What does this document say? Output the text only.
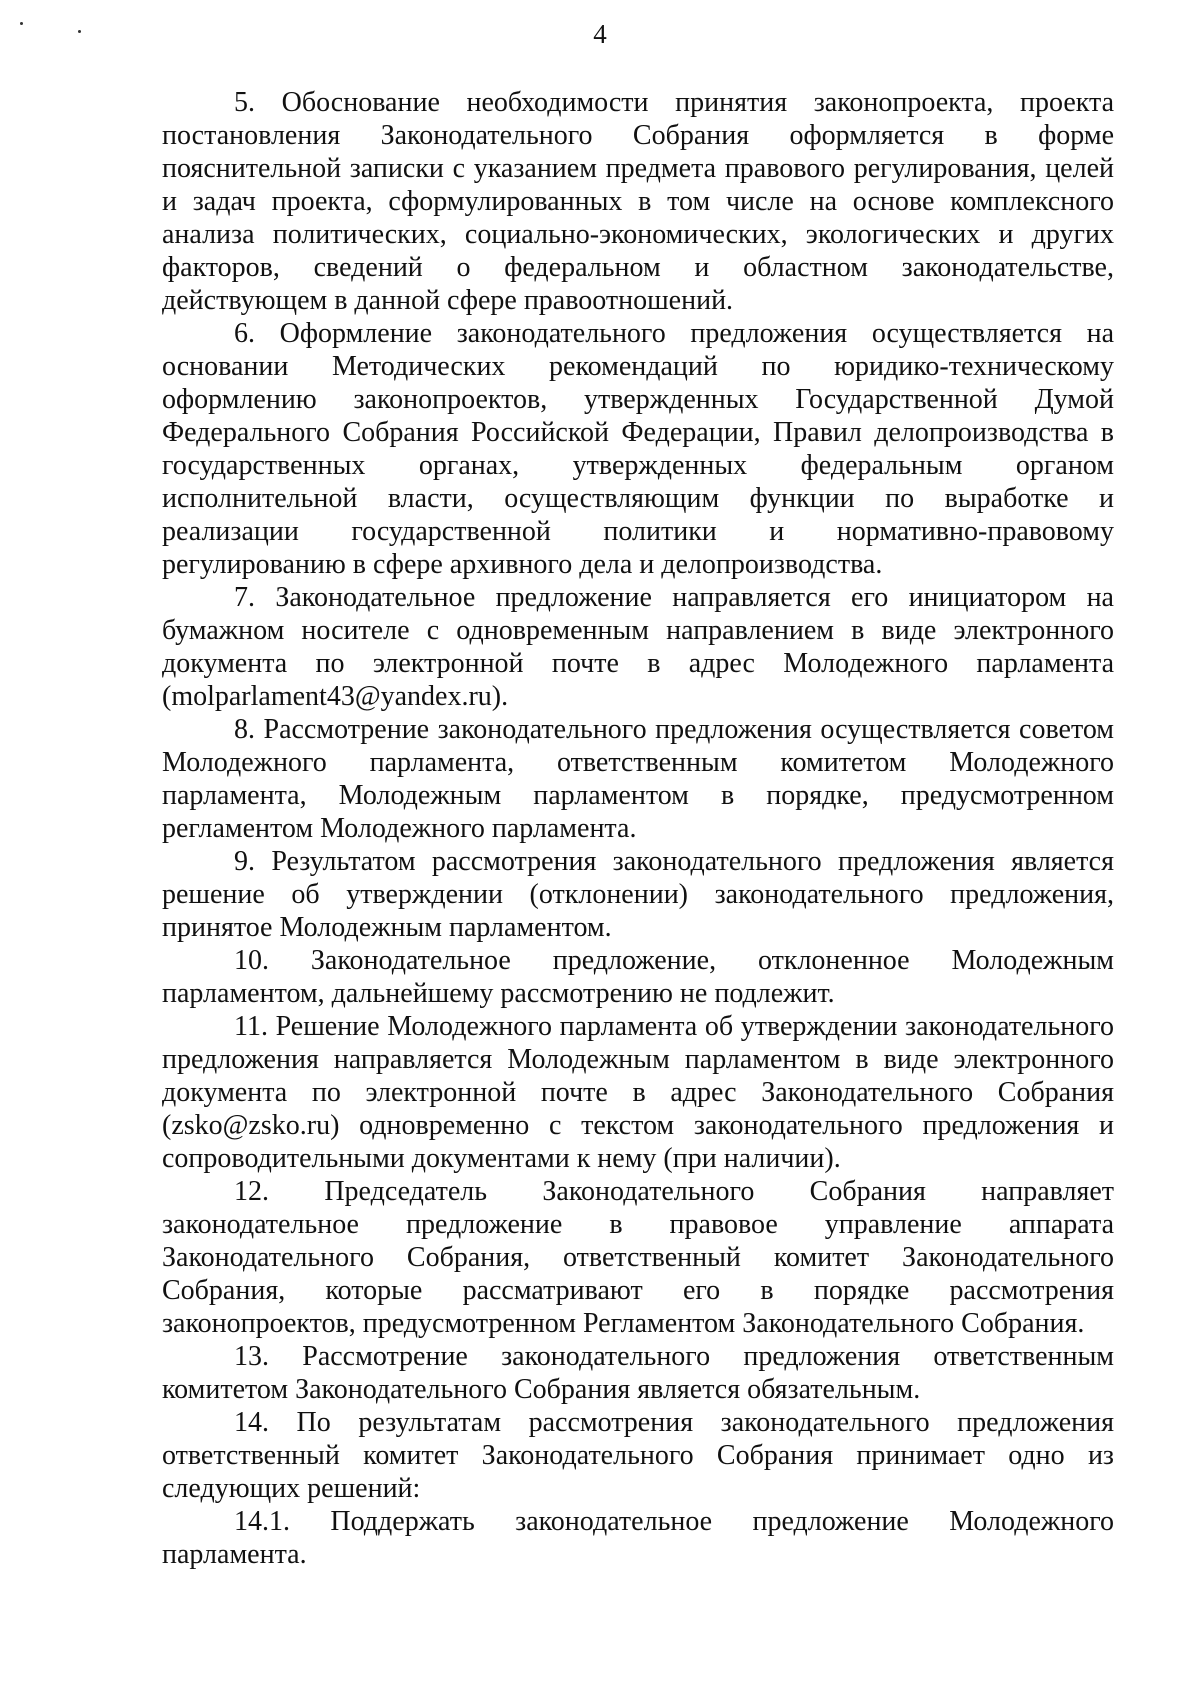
4

5. Обоснование необходимости принятия законопроекта, проекта постановления Законодательного Собрания оформляется в форме пояснительной записки с указанием предмета правового регулирования, целей и задач проекта, сформулированных в том числе на основе комплексного анализа политических, социально-экономических, экологических и других факторов, сведений о федеральном и областном законодательстве, действующем в данной сфере правоотношений.

6. Оформление законодательного предложения осуществляется на основании Методических рекомендаций по юридико-техническому оформлению законопроектов, утвержденных Государственной Думой Федерального Собрания Российской Федерации, Правил делопроизводства в государственных органах, утвержденных федеральным органом исполнительной власти, осуществляющим функции по выработке и реализации государственной политики и нормативно-правовому регулированию в сфере архивного дела и делопроизводства.

7. Законодательное предложение направляется его инициатором на бумажном носителе с одновременным направлением в виде электронного документа по электронной почте в адрес Молодежного парламента (molparlament43@yandex.ru).

8. Рассмотрение законодательного предложения осуществляется советом Молодежного парламента, ответственным комитетом Молодежного парламента, Молодежным парламентом в порядке, предусмотренном регламентом Молодежного парламента.

9. Результатом рассмотрения законодательного предложения является решение об утверждении (отклонении) законодательного предложения, принятое Молодежным парламентом.

10. Законодательное предложение, отклоненное Молодежным парламентом, дальнейшему рассмотрению не подлежит.

11. Решение Молодежного парламента об утверждении законодательного предложения направляется Молодежным парламентом в виде электронного документа по электронной почте в адрес Законодательного Собрания (zsko@zsko.ru) одновременно с текстом законодательного предложения и сопроводительными документами к нему (при наличии).

12. Председатель Законодательного Собрания направляет законодательное предложение в правовое управление аппарата Законодательного Собрания, ответственный комитет Законодательного Собрания, которые рассматривают его в порядке рассмотрения законопроектов, предусмотренном Регламентом Законодательного Собрания.

13. Рассмотрение законодательного предложения ответственным комитетом Законодательного Собрания является обязательным.

14. По результатам рассмотрения законодательного предложения ответственный комитет Законодательного Собрания принимает одно из следующих решений:

14.1. Поддержать законодательное предложение Молодежного парламента.
